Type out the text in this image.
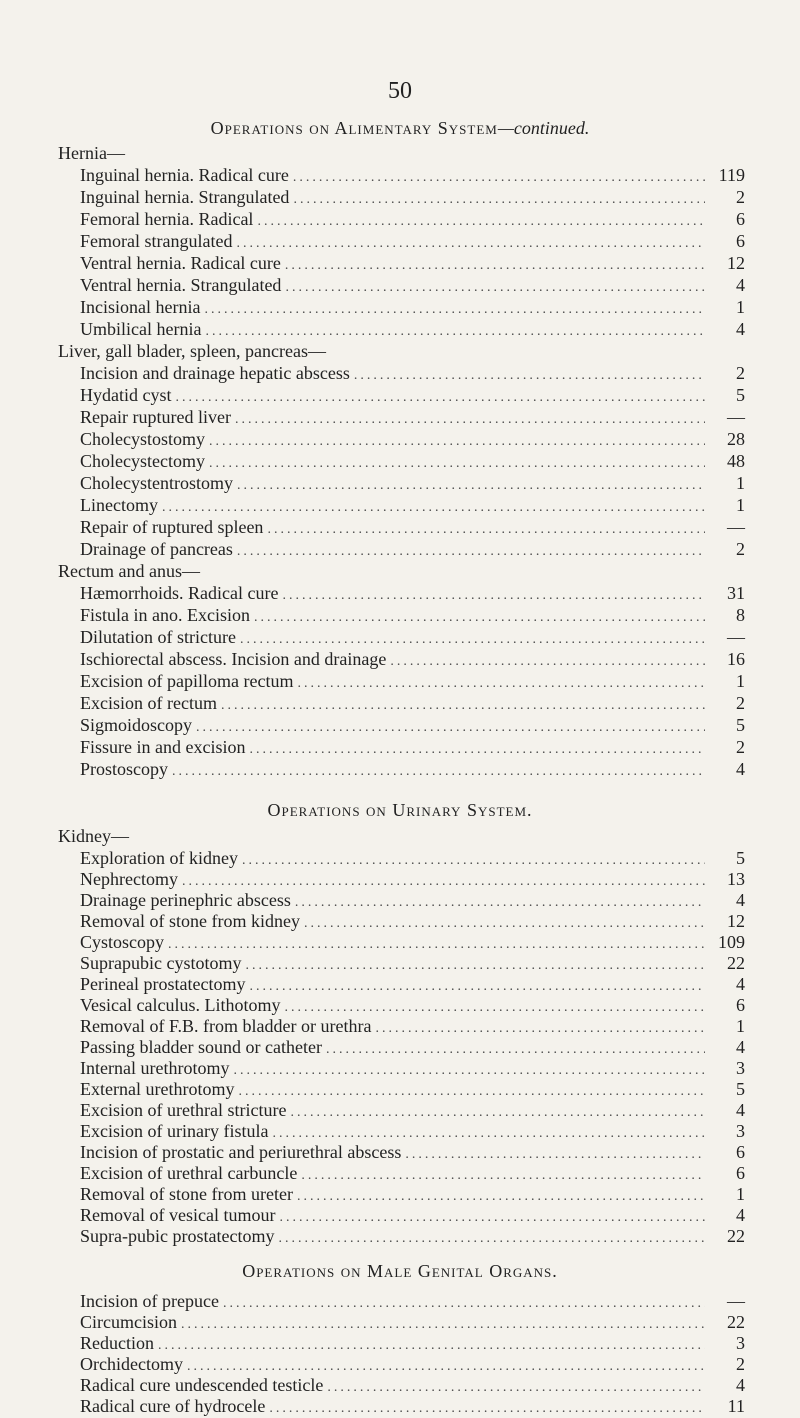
50
Operations on Alimentary System—continued.
Hernia—
Inguinal hernia. Radical cure .....	119
Inguinal hernia. Strangulated .....	2
Femoral hernia. Radical .....	6
Femoral strangulated .....	6
Ventral hernia. Radical cure .....	12
Ventral hernia. Strangulated .....	4
Incisional hernia .....	1
Umbilical hernia .....	4
Liver, gall blader, spleen, pancreas—
Incision and drainage hepatic abscess .....	2
Hydatid cyst .....	5
Repair ruptured liver .....	—
Cholecystostomy .....	28
Cholecystectomy .....	48
Cholecystentrostomy .....	1
Linectomy .....	1
Repair of ruptured spleen .....	—
Drainage of pancreas .....	2
Rectum and anus—
Hæmorrhoids. Radical cure .....	31
Fistula in ano. Excision .....	8
Dilutation of stricture .....	—
Ischiorectal abscess. Incision and drainage .....	16
Excision of papilloma rectum .....	1
Excision of rectum .....	2
Sigmoidoscopy .....	5
Fissure in and excision .....	2
Prostoscopy .....	4
Operations on Urinary System.
Kidney—
Exploration of kidney .....	5
Nephrectomy .....	13
Drainage perinephric abscess .....	4
Removal of stone from kidney .....	12
Cystoscopy .....	109
Suprapubic cystotomy .....	22
Perineal prostatectomy .....	4
Vesical calculus. Lithotomy .....	6
Removal of F.B. from bladder or urethra .....	1
Passing bladder sound or catheter .....	4
Internal urethrotomy .....	3
External urethrotomy .....	5
Excision of urethral stricture .....	4
Excision of urinary fistula .....	3
Incision of prostatic and periurethral abscess .....	6
Excision of urethral carbuncle .....	6
Removal of stone from ureter .....	1
Removal of vesical tumour .....	4
Supra-pubic prostatectomy .....	22
Operations on Male Genital Organs.
Incision of prepuce .....	—
Circumcision .....	22
Reduction .....	3
Orchidectomy .....	2
Radical cure undescended testicle .....	4
Radical cure of hydrocele .....	11
